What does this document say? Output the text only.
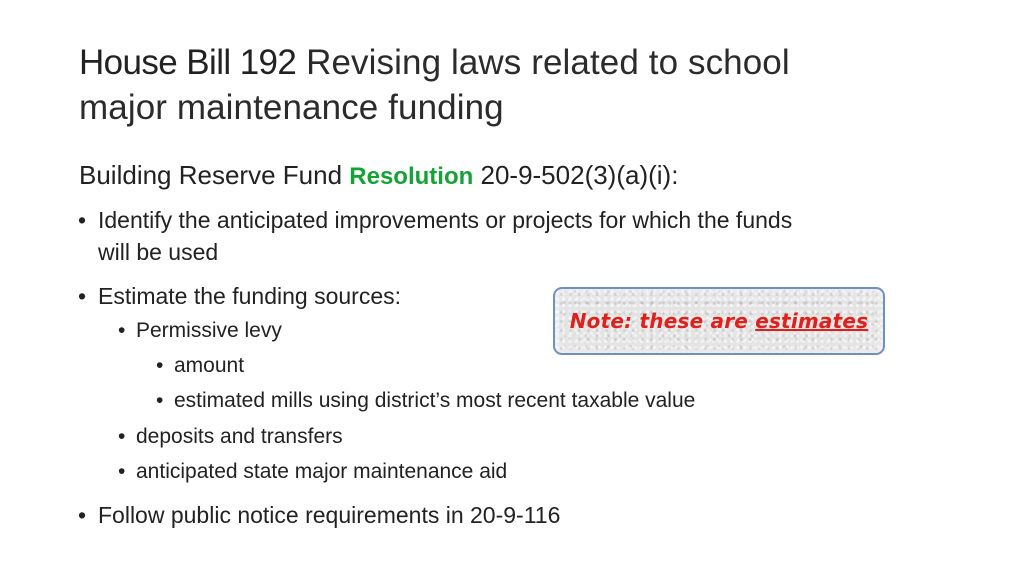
House Bill 192 Revising laws related to school
major maintenance funding
Building Reserve Fund Resolution 20-9-502(3)(a)(i):
• Identify the anticipated improvements or projects for which the funds
will be used
• Estimate the funding sources:
• Permissive levy
• amount
• estimated mills using district’s most recent taxable value
• deposits and transfers
• anticipated state major maintenance aid
• Follow public notice requirements in 20-9-116
Note: these are estimates
